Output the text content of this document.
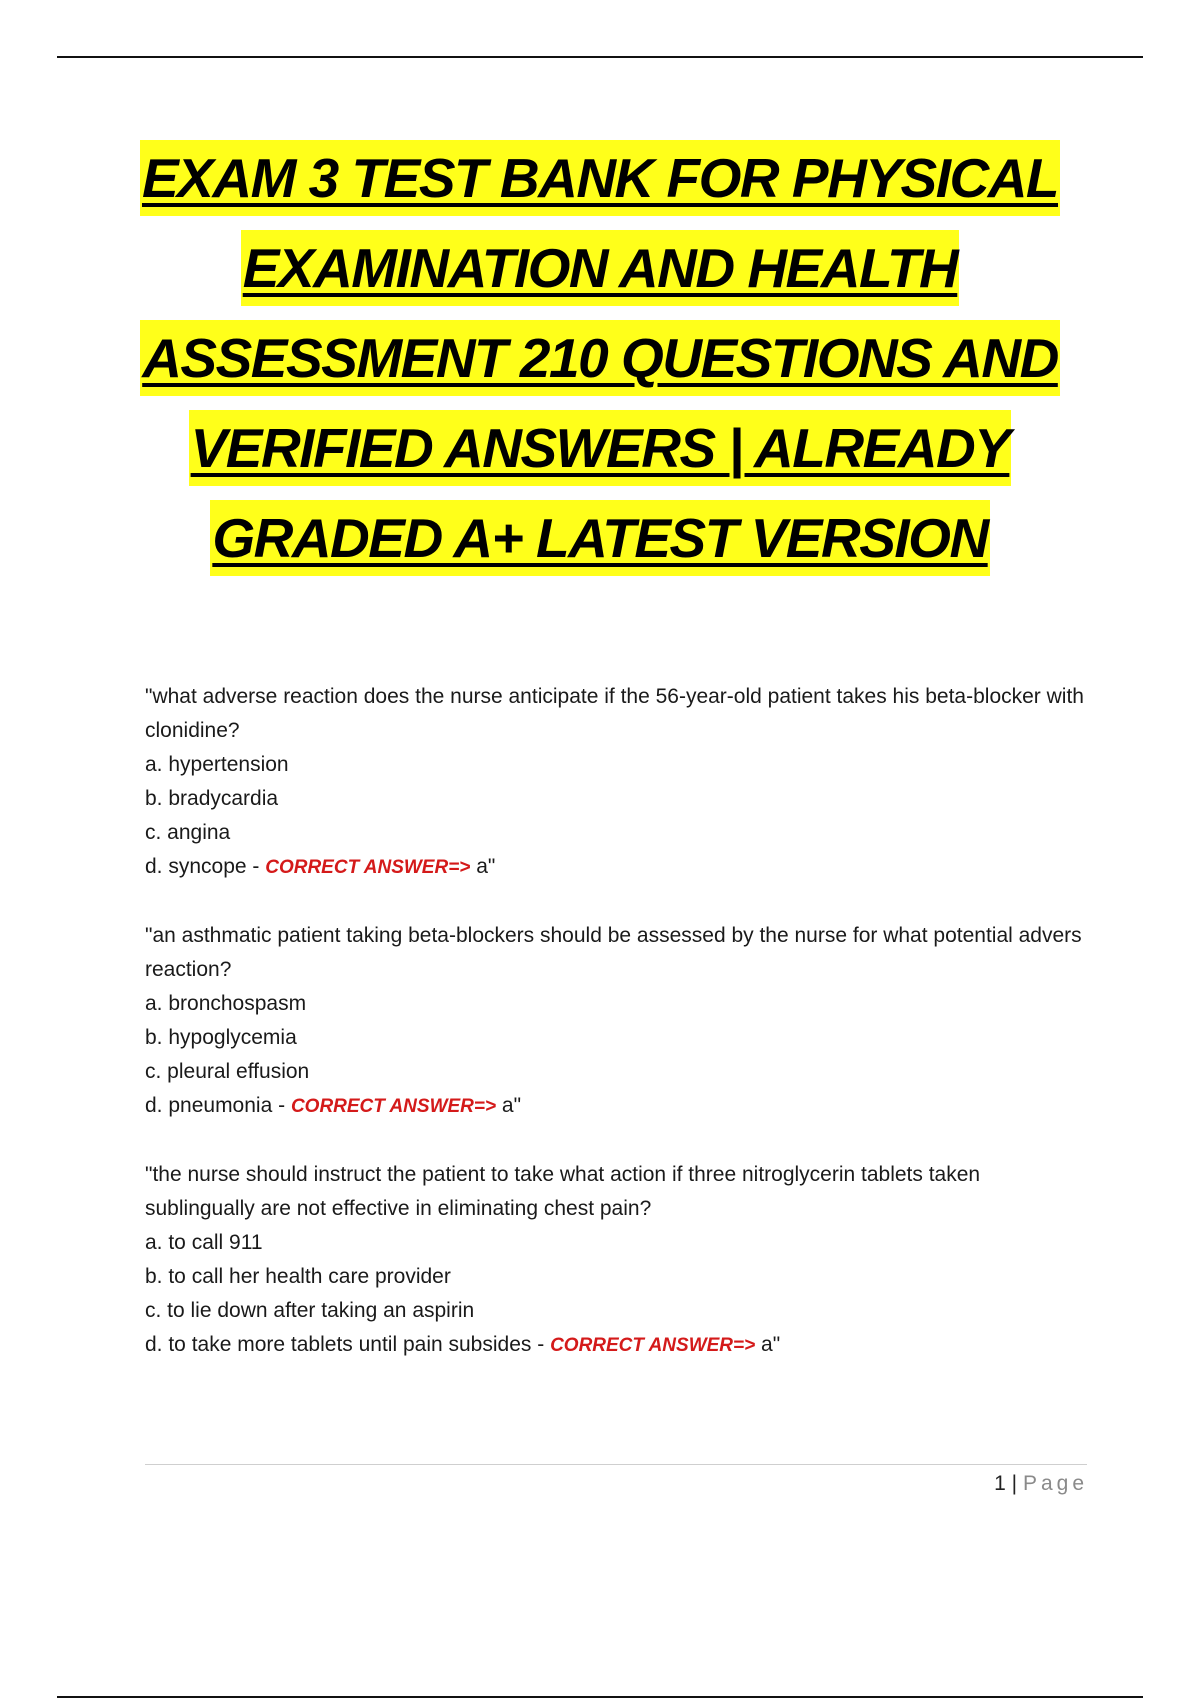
EXAM 3 TEST BANK FOR PHYSICAL
EXAMINATION AND HEALTH
ASSESSMENT 210 QUESTIONS AND
VERIFIED ANSWERS | ALREADY
GRADED A+ LATEST VERSION
"what adverse reaction does the nurse anticipate if the 56-year-old patient takes his beta-blocker with clonidine?
a. hypertension
b. bradycardia
c. angina
d. syncope - CORRECT ANSWER=> a"
"an asthmatic patient taking beta-blockers should be assessed by the nurse for what potential advers reaction?
a. bronchospasm
b. hypoglycemia
c. pleural effusion
d. pneumonia - CORRECT ANSWER=> a"
"the nurse should instruct the patient to take what action if three nitroglycerin tablets taken sublingually are not effective in eliminating chest pain?
a. to call 911
b. to call her health care provider
c. to lie down after taking an aspirin
d. to take more tablets until pain subsides - CORRECT ANSWER=> a"
1 | Page
